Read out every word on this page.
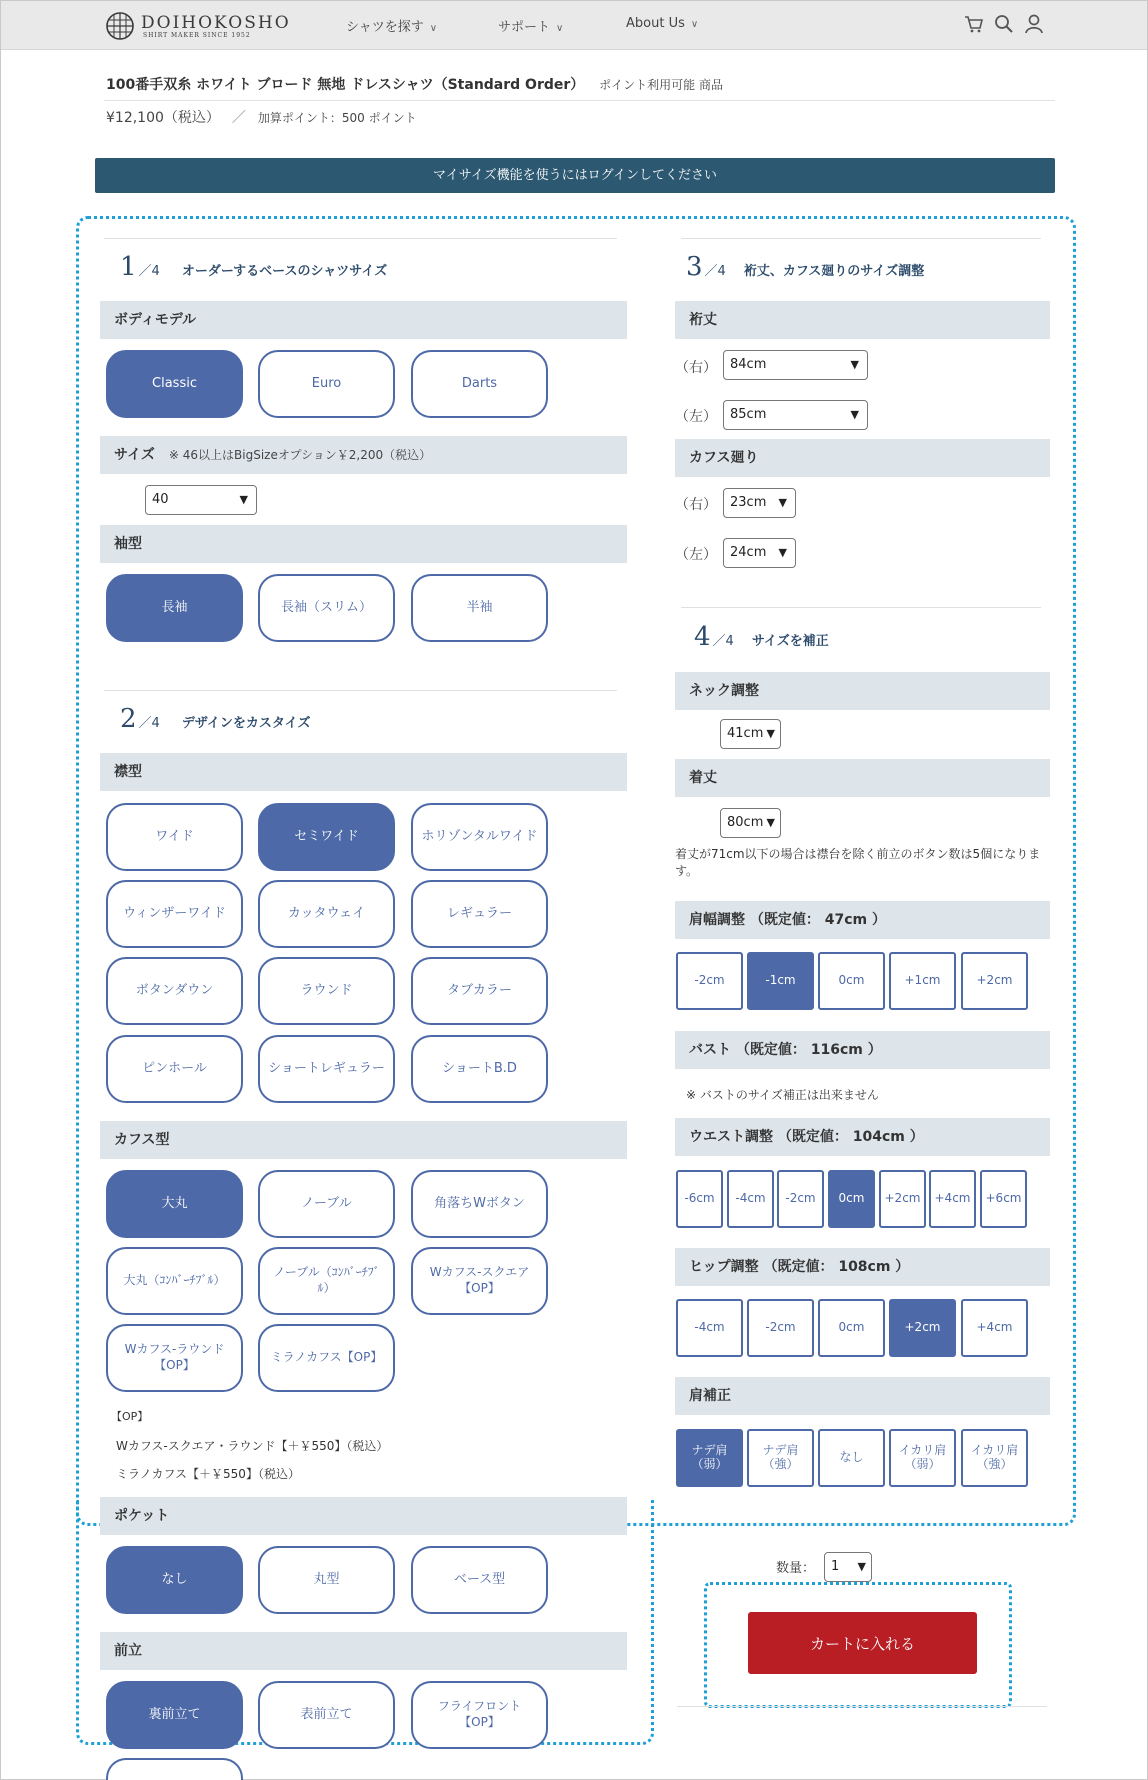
DOIHOKOSHO
SHIRT MAKER SINCE 1952
シャツを探す ∨	サポート ∨	About Us ∨
100番手双糸 ホワイト ブロード 無地 ドレスシャツ（Standard Order） ポイント利用可能 商品
¥12,100（税込） ／ 加算ポイント：500 ポイント
マイサイズ機能を使うにはログインしてください
1 ／4 オーダーするベースのシャツサイズ
ボディモデル
Classic	Euro	Darts
サイズ ※ 46以上はBigSizeオプション￥2,200（税込）
40	▼
袖型
長袖	長袖（スリム）	半袖
2 ／4 デザインをカスタイズ
襟型
ワイド	セミワイド	ホリゾンタルワイド
ウィンザーワイド	カッタウェイ	レギュラー
ボタンダウン	ラウンド	タブカラー
ピンホール	ショートレギュラー	ショートB.D
カフス型
大丸	ノーブル	角落ちWボタン
大丸（ｺﾝﾊﾞｰﾁﾌﾞﾙ）
ノーブル（ｺﾝﾊﾞｰﾁﾌﾞﾙ）
Wカフス-スクエア【OP】
Wカフス-ラウンド【OP】
ミラノカフス【OP】
【OP】
Wカフス-スクエア・ラウンド【＋￥550】（税込）
ミラノカフス【＋￥550】（税込）
ポケット
なし	丸型	ベース型
前立
裏前立て	表前立て
フライフロント【OP】
3 ／4 裄丈、カフス廻りのサイズ調整
裄丈
（右）	84cm	▼
（左）	85cm	▼
カフス廻り
（右）	23cm ▼
（左）	24cm ▼
4 ／4 サイズを補正
ネック調整
41cm ▼
着丈
80cm ▼
着丈が71cm以下の場合は襟台を除く前立のボタン数は5個になります。
肩幅調整 （既定値： 47cm ）
-2cm	-1cm	0cm	+1cm	+2cm
バスト （既定値： 116cm ）
※ バストのサイズ補正は出来ません
ウエスト調整 （既定値： 104cm ）
-6cm	-4cm	-2cm	0cm	+2cm	+4cm	+6cm
ヒップ調整 （既定値： 108cm ）
-4cm	-2cm	0cm	+2cm	+4cm
肩補正
ナデ肩（弱）
ナデ肩（強）	なし	イカリ肩（弱）
イカリ肩（強）
数量：	1 ▼
カートに入れる
